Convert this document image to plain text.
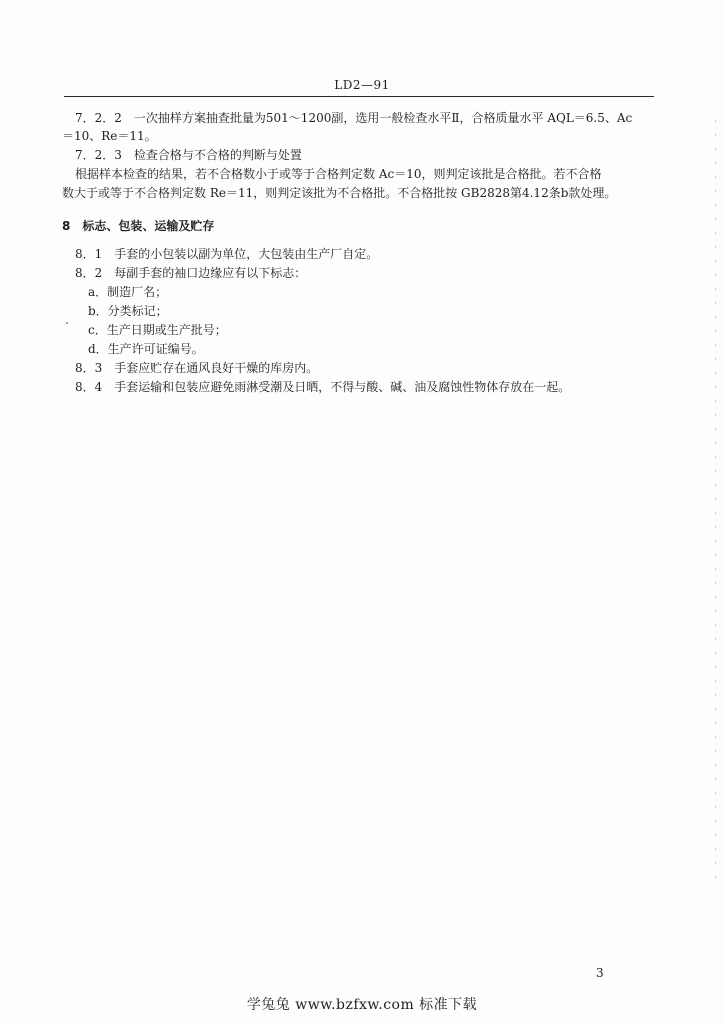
LD2—91
7．2．2　一次抽样方案抽查批量为501～1200副，选用一般检查水平Ⅱ，合格质量水平 AQL＝6.5、Ac
＝10、Re＝11。
7．2．3　检查合格与不合格的判断与处置
根据样本检查的结果，若不合格数小于或等于合格判定数 Ac＝10，则判定该批是合格批。若不合格
数大于或等于不合格判定数 Re＝11，则判定该批为不合格批。不合格批按 GB2828第4.12条b款处理。
8　标志、包装、运输及贮存
8．1　手套的小包装以副为单位，大包装由生产厂自定。
8．2　每副手套的袖口边缘应有以下标志：
a．制造厂名；
b．分类标记；
c．生产日期或生产批号；
d．生产许可证编号。
8．3　手套应贮存在通风良好干燥的库房内。
8．4　手套运输和包装应避免雨淋受潮及日晒，不得与酸、碱、油及腐蚀性物体存放在一起。
3
学兔兔 www.bzfxw.com 标准下载
